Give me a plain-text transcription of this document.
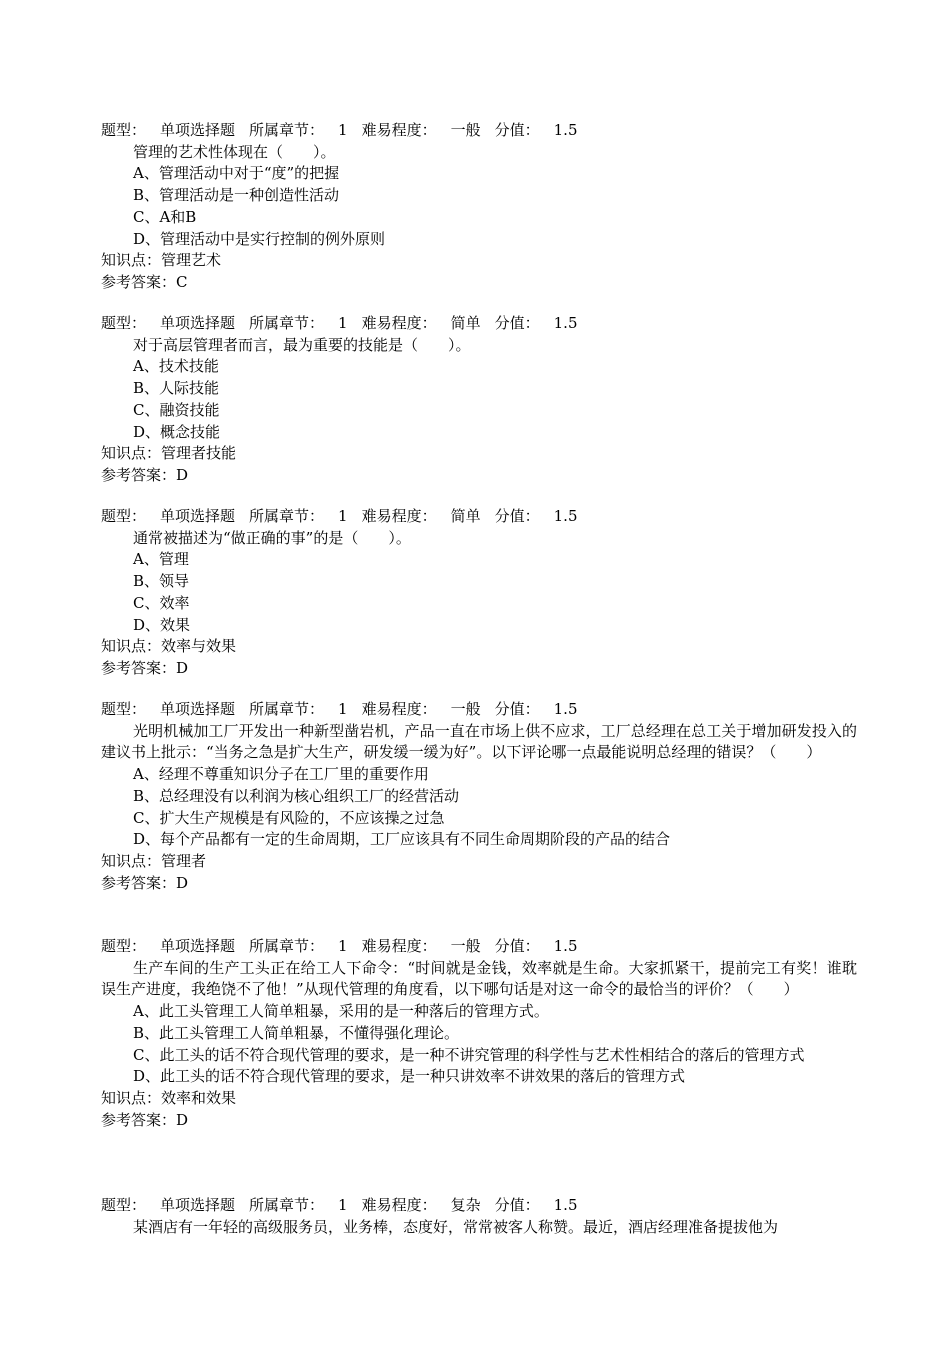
题型： 单项选择题 所属章节： 1 难易程度： 一般 分值： 1.5
管理的艺术性体现在（　　）。
A、管理活动中对于“度”的把握
B、管理活动是一种创造性活动
C、A和B
D、管理活动中是实行控制的例外原则
知识点：管理艺术
参考答案：C
题型： 单项选择题 所属章节： 1 难易程度： 简单 分值： 1.5
对于高层管理者而言，最为重要的技能是（　　）。
A、技术技能
B、人际技能
C、融资技能
D、概念技能
知识点：管理者技能
参考答案：D
题型： 单项选择题 所属章节： 1 难易程度： 简单 分值： 1.5
通常被描述为“做正确的事”的是（　　）。
A、管理
B、领导
C、效率
D、效果
知识点：效率与效果
参考答案：D
题型： 单项选择题 所属章节： 1 难易程度： 一般 分值： 1.5
光明机械加工厂开发出一种新型凿岩机，产品一直在市场上供不应求，工厂总经理在总工关于增加研发投入的建议书上批示：“当务之急是扩大生产，研发缓一缓为好”。以下评论哪一点最能说明总经理的错误？（　　）
A、经理不尊重知识分子在工厂里的重要作用
B、总经理没有以利润为核心组织工厂的经营活动
C、扩大生产规模是有风险的，不应该操之过急
D、每个产品都有一定的生命周期，工厂应该具有不同生命周期阶段的产品的结合
知识点：管理者
参考答案：D
题型： 单项选择题 所属章节： 1 难易程度： 一般 分值： 1.5
生产车间的生产工头正在给工人下命令：“时间就是金钱，效率就是生命。大家抓紧干，提前完工有奖！谁耽误生产进度，我绝饶不了他！”从现代管理的角度看，以下哪句话是对这一命令的最恰当的评价？（　　）
A、此工头管理工人简单粗暴，采用的是一种落后的管理方式。
B、此工头管理工人简单粗暴，不懂得强化理论。
C、此工头的话不符合现代管理的要求，是一种不讲究管理的科学性与艺术性相结合的落后的管理方式
D、此工头的话不符合现代管理的要求，是一种只讲效率不讲效果的落后的管理方式
知识点：效率和效果
参考答案：D
题型： 单项选择题 所属章节： 1 难易程度： 复杂 分值： 1.5
某酒店有一年轻的高级服务员，业务棒，态度好，常常被客人称赞。最近，酒店经理准备提拔他为
